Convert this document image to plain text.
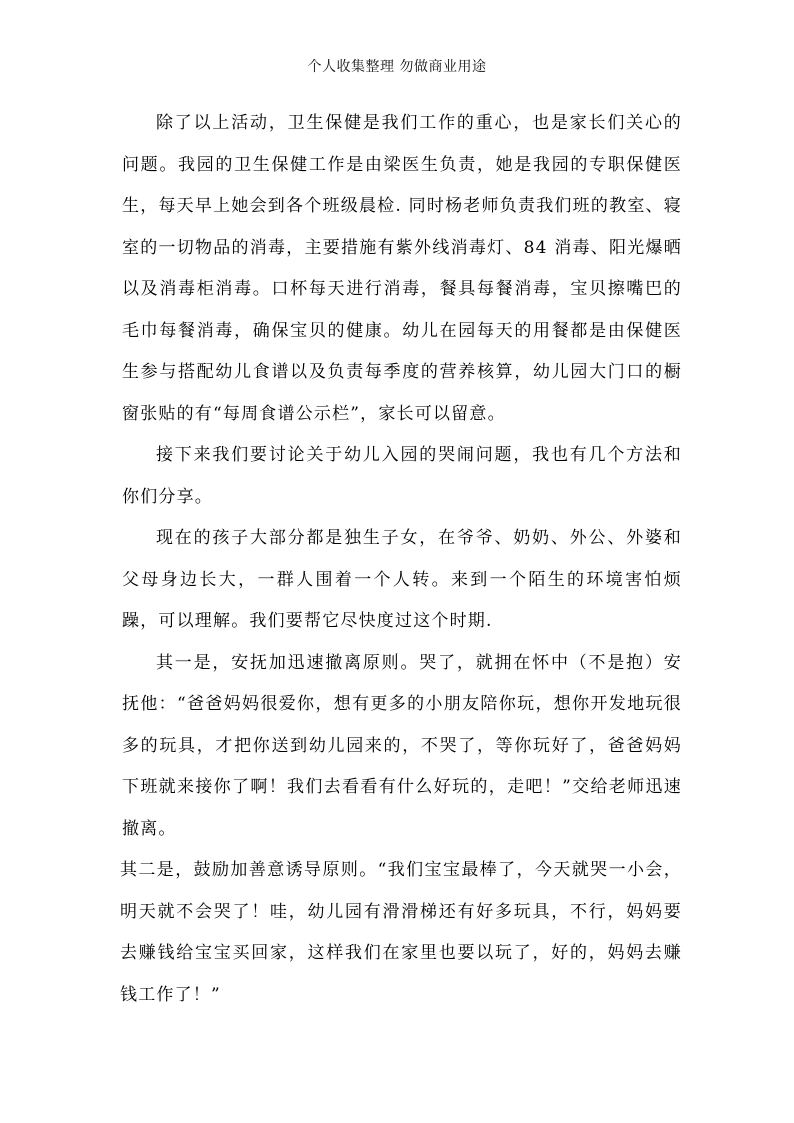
个人收集整理 勿做商业用途

除了以上活动，卫生保健是我们工作的重心，也是家长们关心的问题。我园的卫生保健工作是由梁医生负责，她是我园的专职保健医生，每天早上她会到各个班级晨检. 同时杨老师负责我们班的教室、寝室的一切物品的消毒，主要措施有紫外线消毒灯、84 消毒、阳光爆晒以及消毒柜消毒。口杯每天进行消毒，餐具每餐消毒，宝贝擦嘴巴的毛巾每餐消毒，确保宝贝的健康。幼儿在园每天的用餐都是由保健医生参与搭配幼儿食谱以及负责每季度的营养核算，幼儿园大门口的橱窗张贴的有“每周食谱公示栏”，家长可以留意。

接下来我们要讨论关于幼儿入园的哭闹问题，我也有几个方法和你们分享。

现在的孩子大部分都是独生子女，在爷爷、奶奶、外公、外婆和父母身边长大，一群人围着一个人转。来到一个陌生的环境害怕烦躁，可以理解。我们要帮它尽快度过这个时期.

其一是，安抚加迅速撤离原则。哭了，就拥在怀中（不是抱）安抚他：“爸爸妈妈很爱你，想有更多的小朋友陪你玩，想你开发地玩很多的玩具，才把你送到幼儿园来的，不哭了，等你玩好了，爸爸妈妈下班就来接你了啊！我们去看看有什么好玩的，走吧！”交给老师迅速撤离。

其二是，鼓励加善意诱导原则。“我们宝宝最棒了，今天就哭一小会，明天就不会哭了！哇，幼儿园有滑滑梯还有好多玩具，不行，妈妈要去赚钱给宝宝买回家，这样我们在家里也要以玩了，好的，妈妈去赚钱工作了！”
